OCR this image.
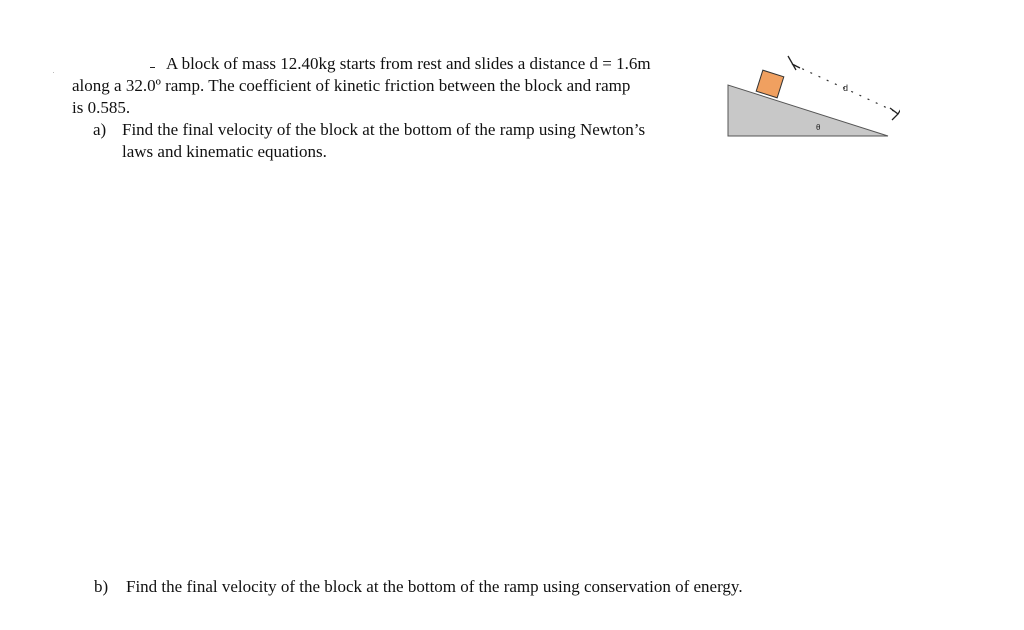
A block of mass 12.40kg starts from rest and slides a distance d = 1.6m
along a 32.0º ramp. The coefficient of kinetic friction between the block and ramp
is 0.585.
a) Find the final velocity of the block at the bottom of the ramp using Newton’s
laws and kinematic equations.
b) Find the final velocity of the block at the bottom of the ramp using conservation of energy.
d
θ
